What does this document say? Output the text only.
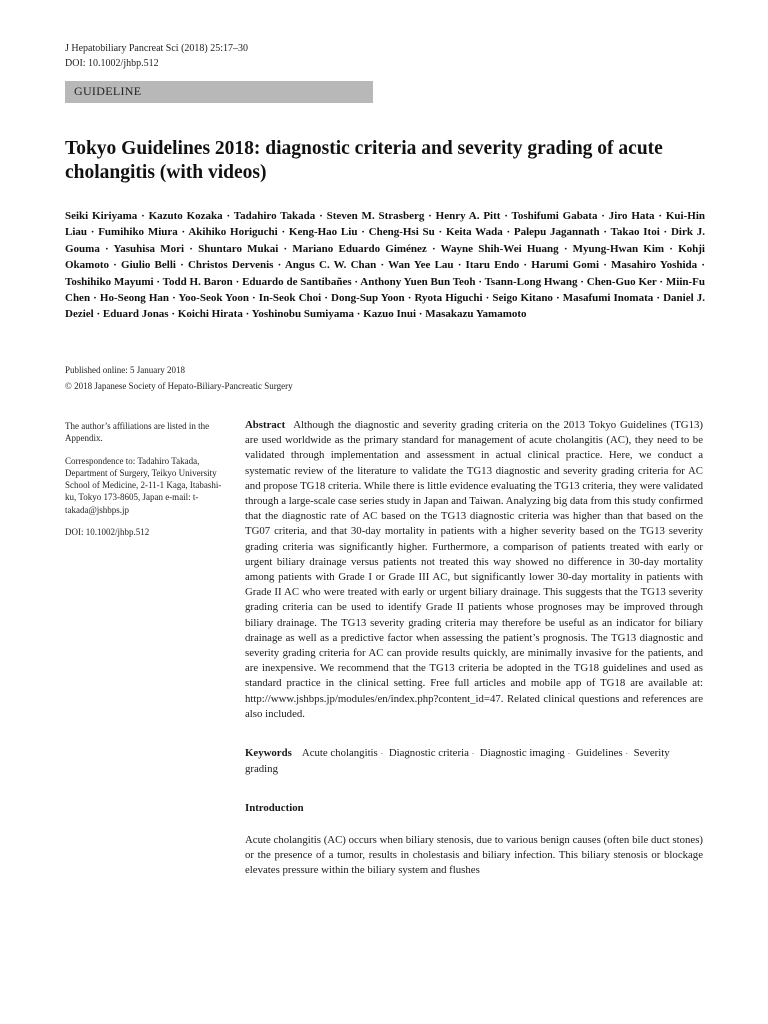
J Hepatobiliary Pancreat Sci (2018) 25:17–30
DOI: 10.1002/jhbp.512
GUIDELINE
Tokyo Guidelines 2018: diagnostic criteria and severity grading of acute cholangitis (with videos)
Seiki Kiriyama · Kazuto Kozaka · Tadahiro Takada · Steven M. Strasberg · Henry A. Pitt · Toshifumi Gabata · Jiro Hata · Kui-Hin Liau · Fumihiko Miura · Akihiko Horiguchi · Keng-Hao Liu · Cheng-Hsi Su · Keita Wada · Palepu Jagannath · Takao Itoi · Dirk J. Gouma · Yasuhisa Mori · Shuntaro Mukai · Mariano Eduardo Giménez · Wayne Shih-Wei Huang · Myung-Hwan Kim · Kohji Okamoto · Giulio Belli · Christos Dervenis · Angus C. W. Chan · Wan Yee Lau · Itaru Endo · Harumi Gomi · Masahiro Yoshida · Toshihiko Mayumi · Todd H. Baron · Eduardo de Santibañes · Anthony Yuen Bun Teoh · Tsann-Long Hwang · Chen-Guo Ker · Miin-Fu Chen · Ho-Seong Han · Yoo-Seok Yoon · In-Seok Choi · Dong-Sup Yoon · Ryota Higuchi · Seigo Kitano · Masafumi Inomata · Daniel J. Deziel · Eduard Jonas · Koichi Hirata · Yoshinobu Sumiyama · Kazuo Inui · Masakazu Yamamoto
Published online: 5 January 2018
© 2018 Japanese Society of Hepato-Biliary-Pancreatic Surgery

The author’s affiliations are listed in the Appendix.

Correspondence to: Tadahiro Takada, Department of Surgery, Teikyo University School of Medicine, 2-11-1 Kaga, Itabashi-ku, Tokyo 173-8605, Japan e-mail: t-takada@jshbps.jp

DOI: 10.1002/jhbp.512

Abstract Although the diagnostic and severity grading criteria on the 2013 Tokyo Guidelines (TG13) are used worldwide as the primary standard for management of acute cholangitis (AC), they need to be validated through implementation and assessment in actual clinical practice. Here, we conduct a systematic review of the literature to validate the TG13 diagnostic and severity grading criteria for AC and propose TG18 criteria. While there is little evidence evaluating the TG13 criteria, they were validated through a large-scale case series study in Japan and Taiwan. Analyzing big data from this study confirmed that the diagnostic rate of AC based on the TG13 diagnostic criteria was higher than that based on the TG07 criteria, and that 30-day mortality in patients with a higher severity based on the TG13 severity grading criteria was significantly higher. Furthermore, a comparison of patients treated with early or urgent biliary drainage versus patients not treated this way showed no difference in 30-day mortality among patients with Grade I or Grade III AC, but significantly lower 30-day mortality in patients with Grade II AC who were treated with early or urgent biliary drainage. This suggests that the TG13 severity grading criteria can be used to identify Grade II patients whose prognoses may be improved through biliary drainage. The TG13 severity grading criteria may therefore be useful as an indicator for biliary drainage as well as a predictive factor when assessing the patient’s prognosis. The TG13 diagnostic and severity grading criteria for AC can provide results quickly, are minimally invasive for the patients, and are inexpensive. We recommend that the TG13 criteria be adopted in the TG18 guidelines and used as standard practice in the clinical setting. Free full articles and mobile app of TG18 are available at: http://www.jshbps.jp/modules/en/index.php?content_id=47. Related clinical questions and references are also included.

Keywords Acute cholangitis · Diagnostic criteria · Diagnostic imaging · Guidelines · Severity grading

Introduction

Acute cholangitis (AC) occurs when biliary stenosis, due to various benign causes (often bile duct stones) or the presence of a tumor, results in cholestasis and biliary infection. This biliary stenosis or blockage elevates pressure within the biliary system and flushes
